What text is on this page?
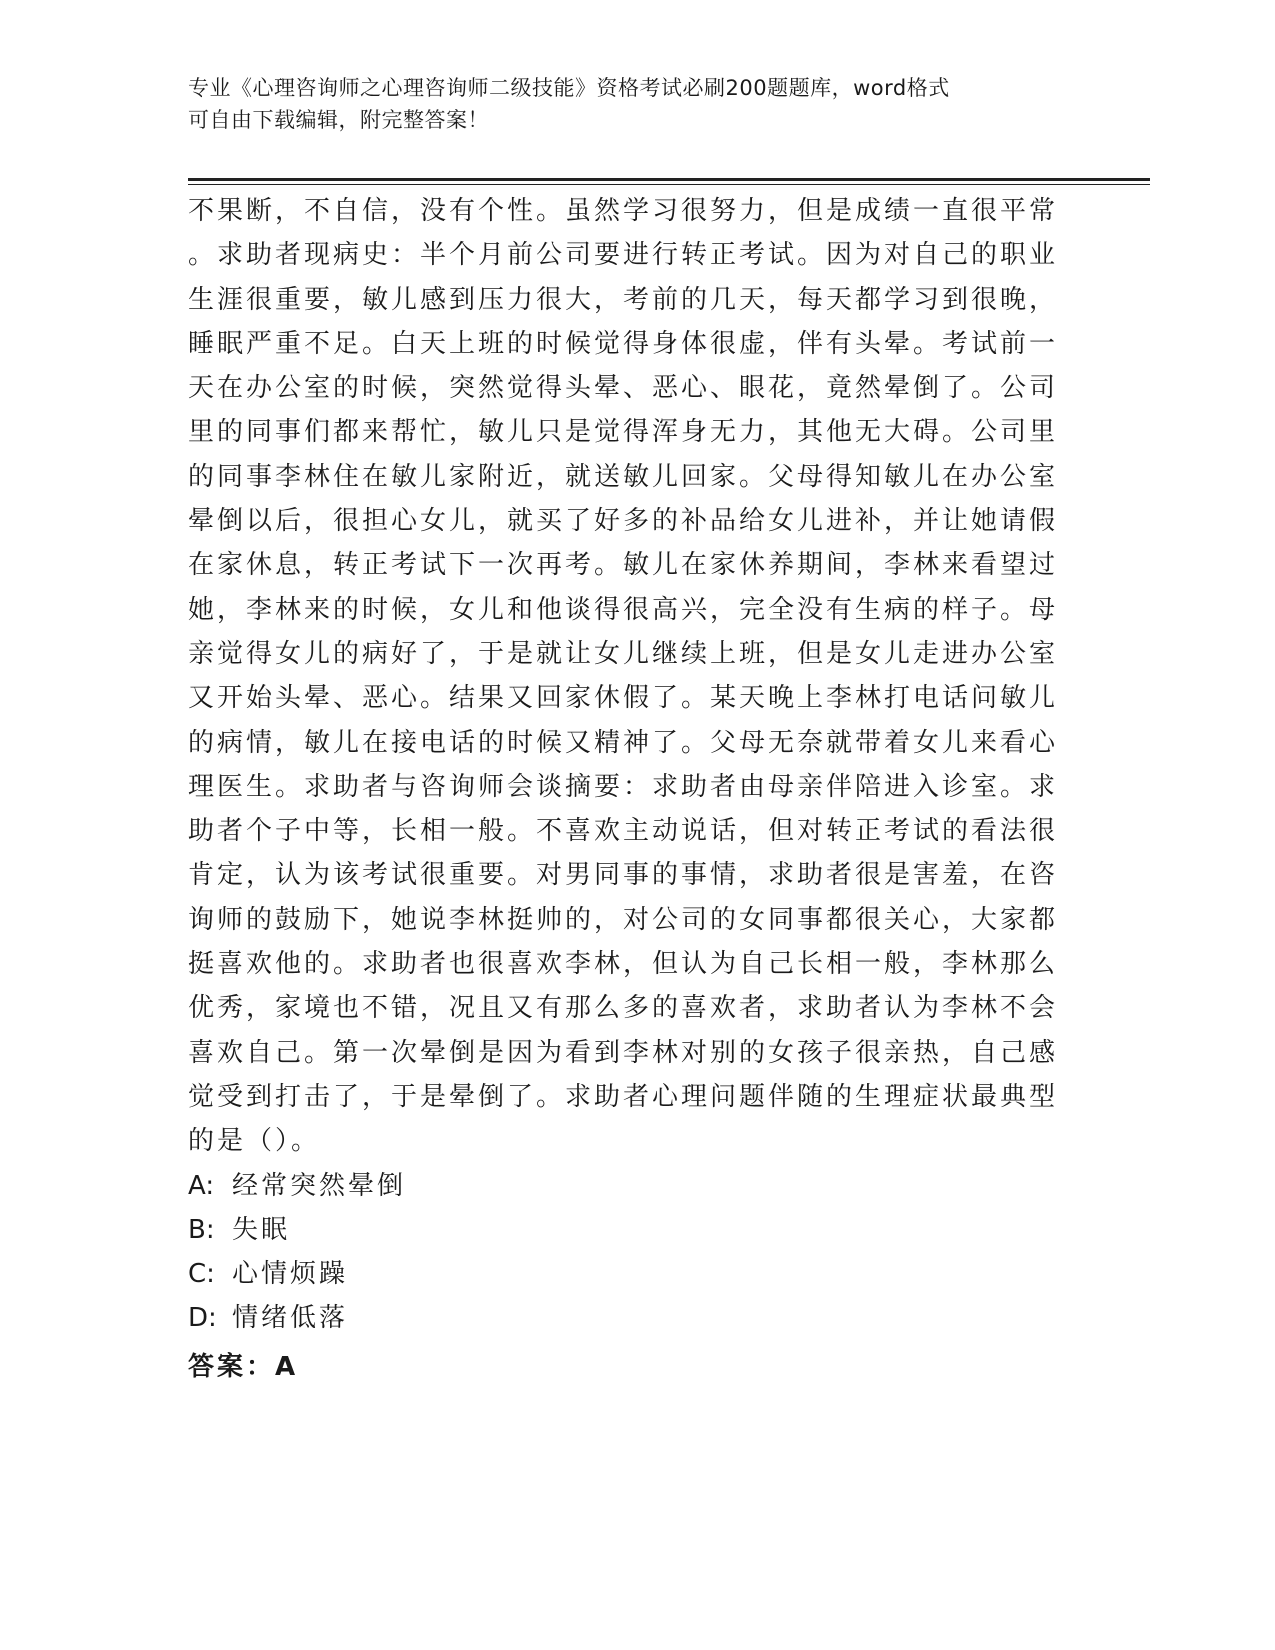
专业《心理咨询师之心理咨询师二级技能》资格考试必刷200题题库，word格式
可自由下载编辑，附完整答案！
不果断，不自信，没有个性。虽然学习很努力，但是成绩一直很平常
。求助者现病史：半个月前公司要进行转正考试。因为对自己的职业
生涯很重要，敏儿感到压力很大，考前的几天，每天都学习到很晚，
睡眠严重不足。白天上班的时候觉得身体很虚，伴有头晕。考试前一
天在办公室的时候，突然觉得头晕、恶心、眼花，竟然晕倒了。公司
里的同事们都来帮忙，敏儿只是觉得浑身无力，其他无大碍。公司里
的同事李林住在敏儿家附近，就送敏儿回家。父母得知敏儿在办公室
晕倒以后，很担心女儿，就买了好多的补品给女儿进补，并让她请假
在家休息，转正考试下一次再考。敏儿在家休养期间，李林来看望过
她，李林来的时候，女儿和他谈得很高兴，完全没有生病的样子。母
亲觉得女儿的病好了，于是就让女儿继续上班，但是女儿走进办公室
又开始头晕、恶心。结果又回家休假了。某天晚上李林打电话问敏儿
的病情，敏儿在接电话的时候又精神了。父母无奈就带着女儿来看心
理医生。求助者与咨询师会谈摘要：求助者由母亲伴陪进入诊室。求
助者个子中等，长相一般。不喜欢主动说话，但对转正考试的看法很
肯定，认为该考试很重要。对男同事的事情，求助者很是害羞，在咨
询师的鼓励下，她说李林挺帅的，对公司的女同事都很关心，大家都
挺喜欢他的。求助者也很喜欢李林，但认为自己长相一般，李林那么
优秀，家境也不错，况且又有那么多的喜欢者，求助者认为李林不会
喜欢自己。第一次晕倒是因为看到李林对别的女孩子很亲热，自己感
觉受到打击了，于是晕倒了。求助者心理问题伴随的生理症状最典型
的是（）。
A: 经常突然晕倒
B: 失眠
C: 心情烦躁
D: 情绪低落
答案：A
